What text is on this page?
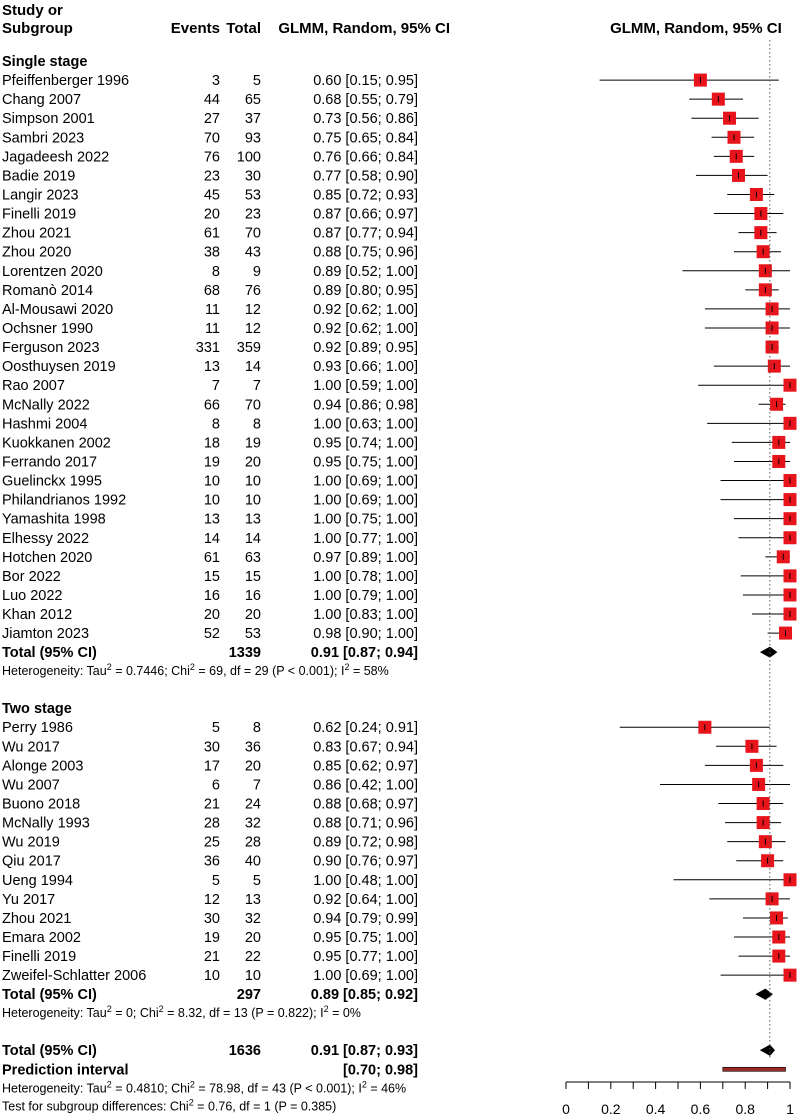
Study or
Subgroup	Events Total GLMM, Random, 95% CI	GLMM, Random, 95% CI
Single stage
Pfeiffenberger 1996	3 5	0.60 [0.15; 0.95]
Chang 2007	44 65	0.68 [0.55; 0.79]
Simpson 2001	27 37	0.73 [0.56; 0.86]
Sambri 2023	70 93	0.75 [0.65; 0.84]
Jagadeesh 2022	76 100	0.76 [0.66; 0.84]
Badie 2019	23 30	0.77 [0.58; 0.90]
Langir 2023	45 53	0.85 [0.72; 0.93]
Finelli 2019	20 23	0.87 [0.66; 0.97]
Zhou 2021	61 70	0.87 [0.77; 0.94]
Zhou 2020	38 43	0.88 [0.75; 0.96]
Lorentzen 2020	8 9	0.89 [0.52; 1.00]
Romanò 2014	68 76	0.89 [0.80; 0.95]
Al-Mousawi 2020	11 12	0.92 [0.62; 1.00]
Ochsner 1990	11 12	0.92 [0.62; 1.00]
Ferguson 2023	331 359	0.92 [0.89; 0.95]
Oosthuysen 2019	13 14	0.93 [0.66; 1.00]
Rao 2007	7 7	1.00 [0.59; 1.00]
McNally 2022	66 70	0.94 [0.86; 0.98]
Hashmi 2004	8 8	1.00 [0.63; 1.00]
Kuokkanen 2002	18 19	0.95 [0.74; 1.00]
Ferrando 2017	19 20	0.95 [0.75; 1.00]
Guelinckx 1995	10 10	1.00 [0.69; 1.00]
Philandrianos 1992	10 10	1.00 [0.69; 1.00]
Yamashita 1998	13 13	1.00 [0.75; 1.00]
Elhessy 2022	14 14	1.00 [0.77; 1.00]
Hotchen 2020	61 63	0.97 [0.89; 1.00]
Bor 2022	15 15	1.00 [0.78; 1.00]
Luo 2022	16 16	1.00 [0.79; 1.00]
Khan 2012	20 20	1.00 [0.83; 1.00]
Jiamton 2023	52 53	0.98 [0.90; 1.00]
Total (95% CI)	1339	0.91 [0.87; 0.94]
Heterogeneity: Tau$^2$ = 0.7446; Chi$^2$ = 69, df = 29 (P < 0.001); $I^2 = 58\%$
Two stage
Perry 1986	5 8	0.62 [0.24; 0.91]
Wu 2017	30 36	0.83 [0.67; 0.94]
Alonge 2003	17 20	0.85 [0.62; 0.97]
Wu 2007	6 7	0.86 [0.42; 1.00]
Buono 2018	21 24	0.88 [0.68; 0.97]
McNally 1993	28 32	0.88 [0.71; 0.96]
Wu 2019	25 28	0.89 [0.72; 0.98]
Qiu 2017	36 40	0.90 [0.76; 0.97]
Ueng 1994	5 5	1.00 [0.48; 1.00]
Yu 2017	12 13	0.92 [0.64; 1.00]
Zhou 2021	30 32	0.94 [0.79; 0.99]
Emara 2002	19 20	0.95 [0.75; 1.00]
Finelli 2019	21 22	0.95 [0.77; 1.00]
Zweifel-Schlatter 2006	10 10	1.00 [0.69; 1.00]
Total (95% CI)	297	0.89 [0.85; 0.92]
Heterogeneity: Tau$^2$ = 0; Chi$^2$ = 8.32, df = 13 (P = 0.822); $I^2 = 0\%$
Total (95% CI)	1636	0.91 [0.87; 0.93]
Prediction interval	[0.70; 0.98]
Heterogeneity: Tau$^2$ = 0.4810; Chi$^2$ = 78.98, df = 43 (P < 0.001); $I^2 = 46\%$
Test for subgroup differences: Chi$^2$ = 0.76, df = 1 (P = 0.385)	0 0.2 0.4 0.6 0.8 1
